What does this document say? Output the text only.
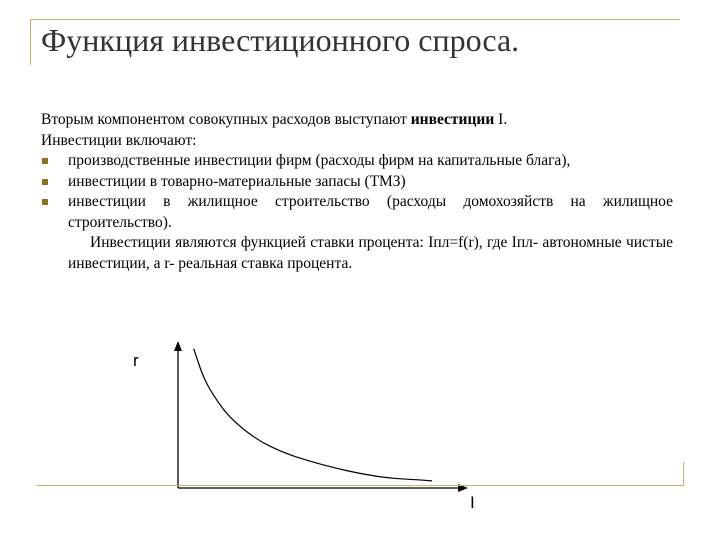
Функция инвестиционного спроса.
Вторым компонентом совокупных расходов выступают инвестиции I.
Инвестиции включают:
производственные инвестиции фирм (расходы фирм на капитальные блага),
инвестиции в товарно-материальные запасы (ТМЗ)
инвестиции в жилищное строительство (расходы домохозяйств на жилищное строительство).
Инвестиции являются функцией ставки процента: Iпл=f(r), где Iпл- автономные чистые инвестиции, а r- реальная ставка процента.
r
I
